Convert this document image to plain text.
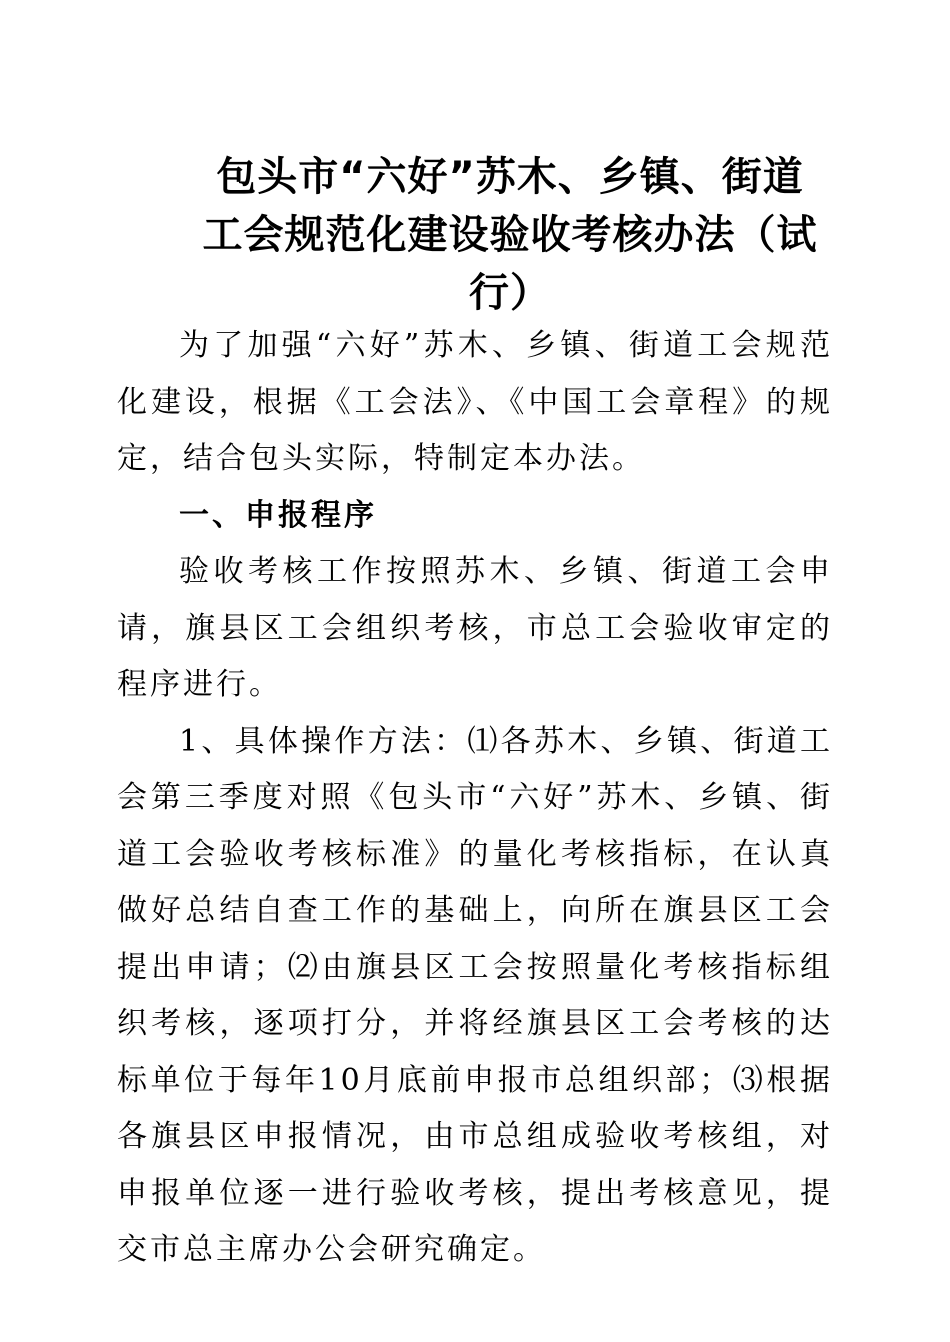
包头市“六好”苏木、乡镇、街道
工会规范化建设验收考核办法（试
行）

为了加强“六好”苏木、乡镇、街道工会规范化建设，根据《工会法》、《中国工会章程》的规定，结合包头实际，特制定本办法。

一、申报程序

验收考核工作按照苏木、乡镇、街道工会申请，旗县区工会组织考核，市总工会验收审定的程序进行。

1、具体操作方法：⑴各苏木、乡镇、街道工会第三季度对照《包头市“六好”苏木、乡镇、街道工会验收考核标准》的量化考核指标，在认真做好总结自查工作的基础上，向所在旗县区工会提出申请；⑵由旗县区工会按照量化考核指标组织考核，逐项打分，并将经旗县区工会考核的达标单位于每年10月底前申报市总组织部；⑶根据各旗县区申报情况，由市总组成验收考核组，对申报单位逐一进行验收考核，提出考核意见，提交市总主席办公会研究确定。
